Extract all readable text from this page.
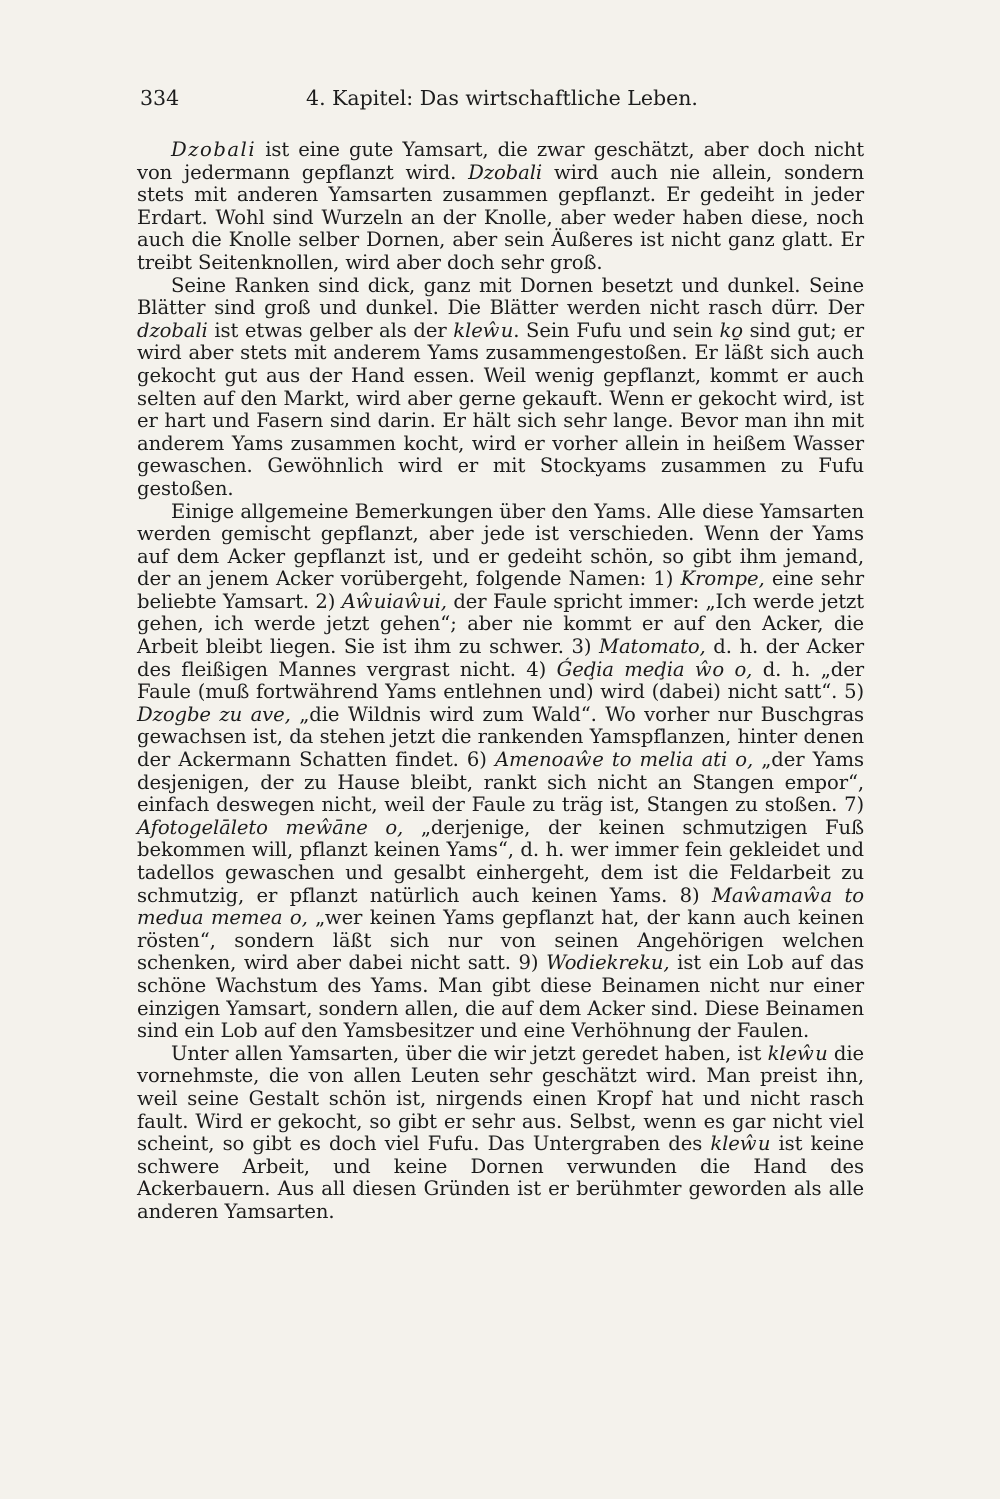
334	4. Kapitel: Das wirtschaftliche Leben.

Dzobali ist eine gute Yamsart, die zwar geschätzt, aber doch nicht von jedermann gepflanzt wird. Dzobali wird auch nie allein, sondern stets mit anderen Yamsarten zusammen gepflanzt. Er gedeiht in jeder Erdart. Wohl sind Wurzeln an der Knolle, aber weder haben diese, noch auch die Knolle selber Dornen, aber sein Äußeres ist nicht ganz glatt. Er treibt Seitenknollen, wird aber doch sehr groß.

Seine Ranken sind dick, ganz mit Dornen besetzt und dunkel. Seine Blätter sind groß und dunkel. Die Blätter werden nicht rasch dürr. Der dzobali ist etwas gelber als der kleŵu. Sein Fufu und sein ko̱ sind gut; er wird aber stets mit anderem Yams zusammengestoßen. Er läßt sich auch gekocht gut aus der Hand essen. Weil wenig gepflanzt, kommt er auch selten auf den Markt, wird aber gerne gekauft. Wenn er gekocht wird, ist er hart und Fasern sind darin. Er hält sich sehr lange. Bevor man ihn mit anderem Yams zusammen kocht, wird er vorher allein in heißem Wasser gewaschen. Gewöhnlich wird er mit Stockyams zusammen zu Fufu gestoßen.

Einige allgemeine Bemerkungen über den Yams. Alle diese Yamsarten werden gemischt gepflanzt, aber jede ist verschieden. Wenn der Yams auf dem Acker gepflanzt ist, und er gedeiht schön, so gibt ihm jemand, der an jenem Acker vorübergeht, folgende Namen: 1) Krompe, eine sehr beliebte Yamsart. 2) Aŵuiaŵui, der Faule spricht immer: „Ich werde jetzt gehen, ich werde jetzt gehen“; aber nie kommt er auf den Acker, die Arbeit bleibt liegen. Sie ist ihm zu schwer. 3) Matomato, d. h. der Acker des fleißigen Mannes vergrast nicht. 4) Ǵeḑia meḑia ŵo o, d. h. „der Faule (muß fortwährend Yams entlehnen und) wird (dabei) nicht satt“. 5) Dzogbe zu ave, „die Wildnis wird zum Wald“. Wo vorher nur Buschgras gewachsen ist, da stehen jetzt die rankenden Yamspflanzen, hinter denen der Ackermann Schatten findet. 6) Amenoaŵe to melia ati o, „der Yams desjenigen, der zu Hause bleibt, rankt sich nicht an Stangen empor“, einfach deswegen nicht, weil der Faule zu träg ist, Stangen zu stoßen. 7) Afotogelāleto meŵāne o, „derjenige, der keinen schmutzigen Fuß bekommen will, pflanzt keinen Yams“, d. h. wer immer fein gekleidet und tadellos gewaschen und gesalbt einhergeht, dem ist die Feldarbeit zu schmutzig, er pflanzt natürlich auch keinen Yams. 8) Maŵamaŵa to medua memea o, „wer keinen Yams gepflanzt hat, der kann auch keinen rösten“, sondern läßt sich nur von seinen Angehörigen welchen schenken, wird aber dabei nicht satt. 9) Wodiekreku, ist ein Lob auf das schöne Wachstum des Yams. Man gibt diese Beinamen nicht nur einer einzigen Yamsart, sondern allen, die auf dem Acker sind. Diese Beinamen sind ein Lob auf den Yamsbesitzer und eine Verhöhnung der Faulen.

Unter allen Yamsarten, über die wir jetzt geredet haben, ist kleŵu die vornehmste, die von allen Leuten sehr geschätzt wird. Man preist ihn, weil seine Gestalt schön ist, nirgends einen Kropf hat und nicht rasch fault. Wird er gekocht, so gibt er sehr aus. Selbst, wenn es gar nicht viel scheint, so gibt es doch viel Fufu. Das Untergraben des kleŵu ist keine schwere Arbeit, und keine Dornen verwunden die Hand des Ackerbauern. Aus all diesen Gründen ist er berühmter geworden als alle anderen Yamsarten.
